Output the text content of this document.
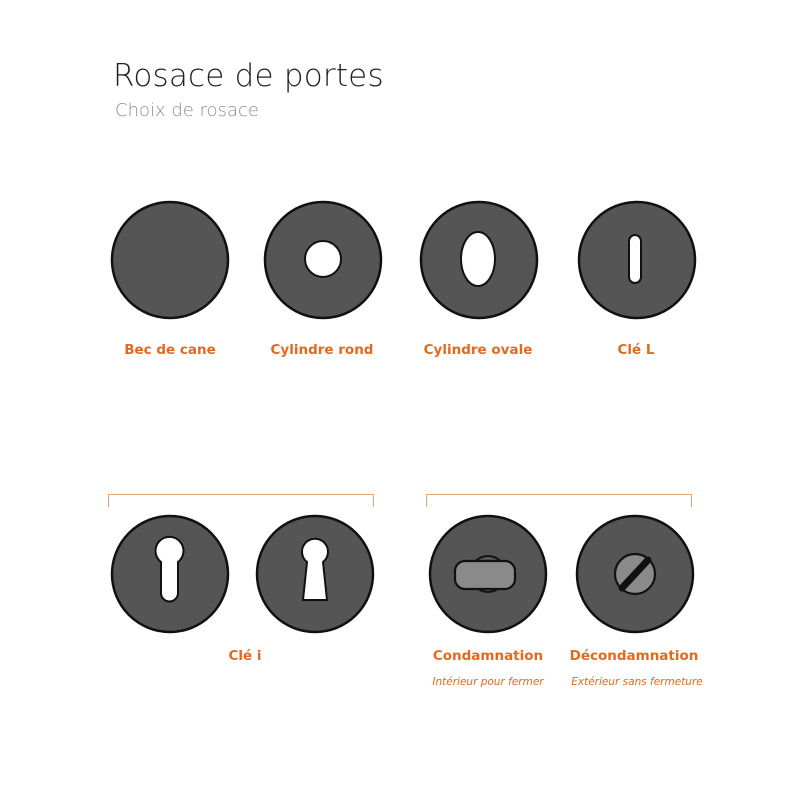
Rosace de portes
Choix de rosace
Bec de cane	Cylindre rond	Cylindre ovale	Clé L
Clé i	Condamnation
Intérieur pour fermer
Décondamnation
Extérieur sans fermeture
